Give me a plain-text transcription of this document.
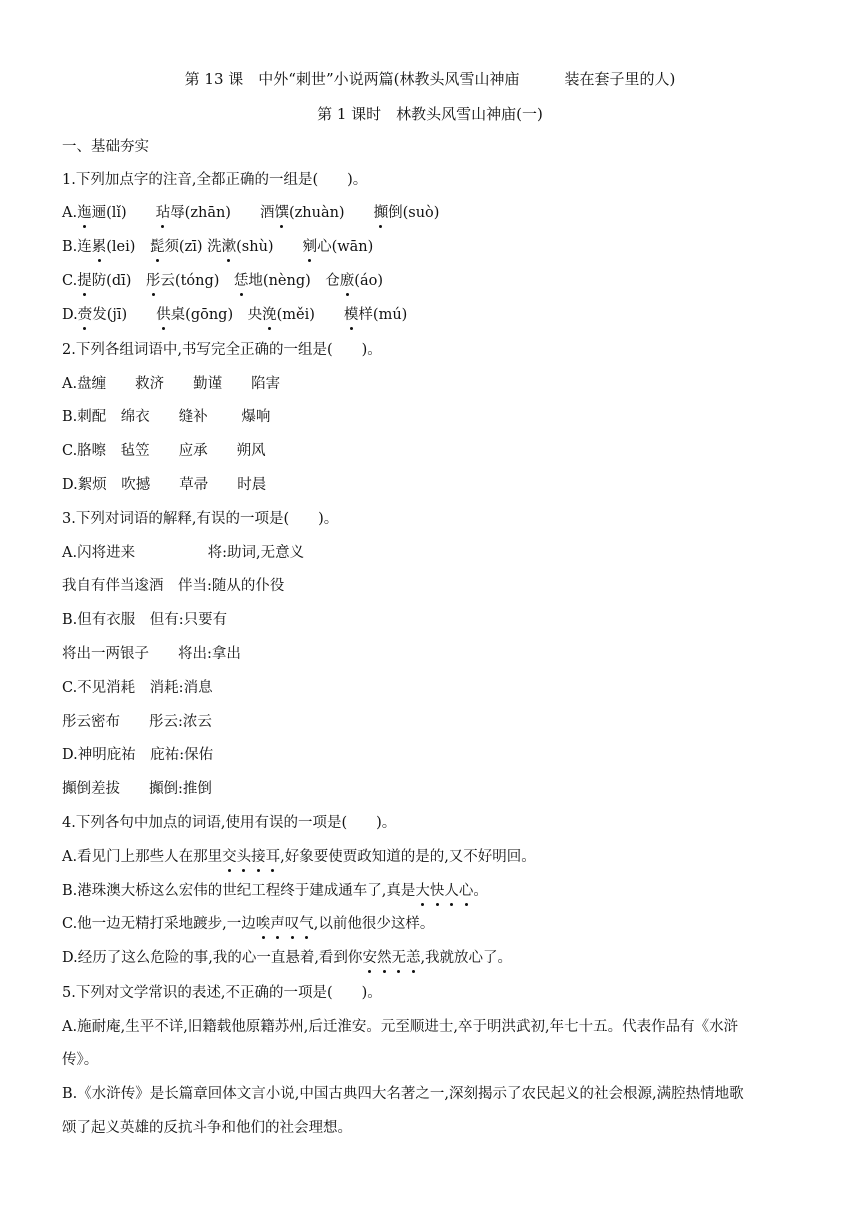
第 13 课　中外“刺世”小说两篇(林教头风雪山神庙　　　装在套子里的人)
第 1 课时　林教头风雪山神庙(一)
一、基础夯实
1.下列加点字的注音,全都正确的一组是(　　)。
A.迤逦(lǐ)　　玷辱(zhān)　　酒馔(zhuàn)　　攧倒(suò)
B.连累(lei)　髭须(zī) 洗漱(shù)　　剜心(wān)
C.提防(dī)　彤云(tóng)　恁地(nèng)　仓廒(áo)
D.赍发(jī)　　供桌(gōng)　央浼(měi)　　模样(mú)
2.下列各组词语中,书写完全正确的一组是(　　)。
A.盘缠　　救济　　勤谨　　陷害
B.刺配　绵衣　　缝补　　 爆响
C.胳嚓　毡笠　　应承　　朔风
D.絮烦　吹撼　　草帚　　时晨
3.下列对词语的解释,有误的一项是(　　)。
A.闪将进来　　　　　将:助词,无意义
我自有伴当逡酒　伴当:随从的仆役
B.但有衣服　但有:只要有
将出一两银子　　将出:拿出
C.不见消耗　消耗:消息
彤云密布　　彤云:浓云
D.神明庇祐　庇祐:保佑
攧倒差拔　　攧倒:推倒
4.下列各句中加点的词语,使用有误的一项是(　　)。
A.看见门上那些人在那里交头接耳,好象要使贾政知道的是的,又不好明回。
B.港珠澳大桥这么宏伟的世纪工程终于建成通车了,真是大快人心。
C.他一边无精打采地踱步,一边唉声叹气,以前他很少这样。
D.经历了这么危险的事,我的心一直悬着,看到你安然无恙,我就放心了。
5.下列对文学常识的表述,不正确的一项是(　　)。
A.施耐庵,生平不详,旧籍载他原籍苏州,后迁淮安。元至顺进士,卒于明洪武初,年七十五。代表作品有《水浒
传》。
B.《水浒传》是长篇章回体文言小说,中国古典四大名著之一,深刻揭示了农民起义的社会根源,满腔热情地歌
颂了起义英雄的反抗斗争和他们的社会理想。
